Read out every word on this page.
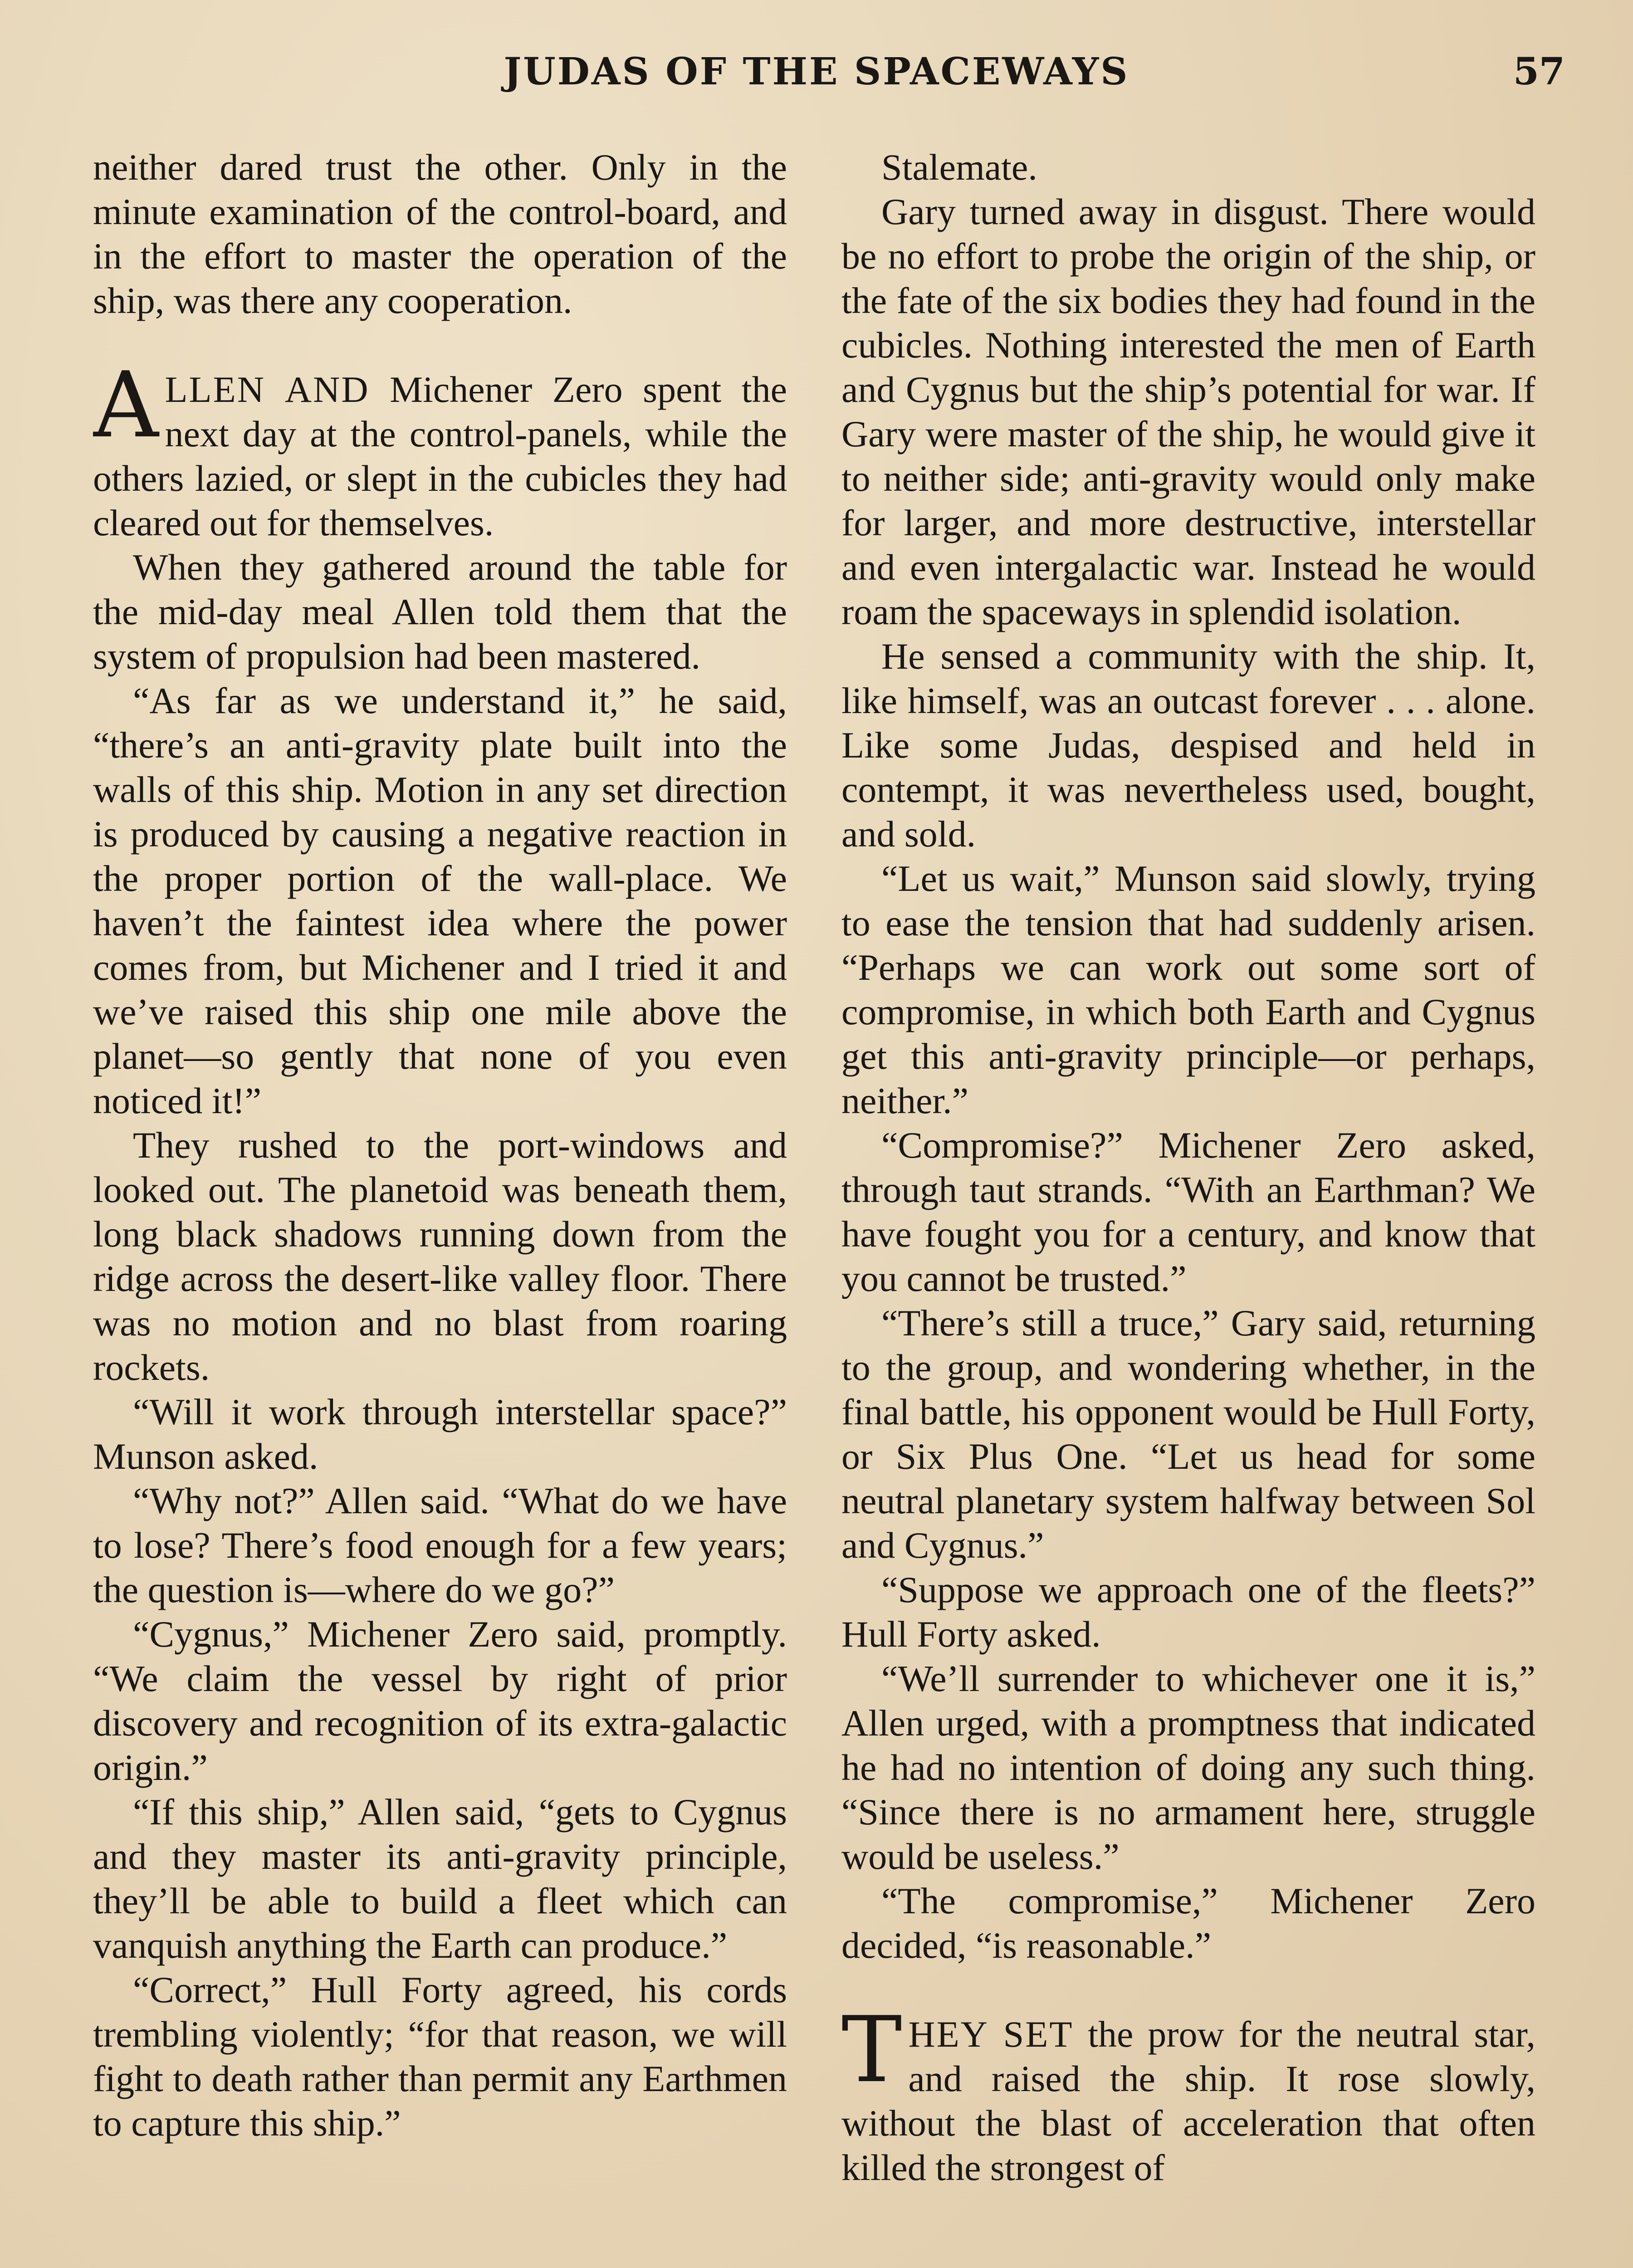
JUDAS OF THE SPACEWAYS	57

neither dared trust the other. Only in the minute examination of the control-board, and in the effort to master the operation of the ship, was there any cooperation.

ALLEN AND Michener Zero spent the next day at the control-panels, while the others lazied, or slept in the cubicles they had cleared out for themselves.

When they gathered around the table for the mid-day meal Allen told them that the system of propulsion had been mastered.

“As far as we understand it,” he said, “there’s an anti-gravity plate built into the walls of this ship. Motion in any set direction is produced by causing a negative reaction in the proper portion of the wall-place. We haven’t the faintest idea where the power comes from, but Michener and I tried it and we’ve raised this ship one mile above the planet—so gently that none of you even noticed it!”

They rushed to the port-windows and looked out. The planetoid was beneath them, long black shadows running down from the ridge across the desert-like valley floor. There was no motion and no blast from roaring rockets.

“Will it work through interstellar space?” Munson asked.

“Why not?” Allen said. “What do we have to lose? There’s food enough for a few years; the question is—where do we go?”

“Cygnus,” Michener Zero said, promptly. “We claim the vessel by right of prior discovery and recognition of its extra-galactic origin.”

“If this ship,” Allen said, “gets to Cygnus and they master its anti-gravity principle, they’ll be able to build a fleet which can vanquish anything the Earth can produce.”

“Correct,” Hull Forty agreed, his cords trembling violently; “for that reason, we will fight to death rather than permit any Earthmen to capture this ship.”

Stalemate.

Gary turned away in disgust. There would be no effort to probe the origin of the ship, or the fate of the six bodies they had found in the cubicles. Nothing interested the men of Earth and Cygnus but the ship’s potential for war. If Gary were master of the ship, he would give it to neither side; anti-gravity would only make for larger, and more destructive, interstellar and even intergalactic war. Instead he would roam the spaceways in splendid isolation.

He sensed a community with the ship. It, like himself, was an outcast forever . . . alone. Like some Judas, despised and held in contempt, it was nevertheless used, bought, and sold.

“Let us wait,” Munson said slowly, trying to ease the tension that had suddenly arisen. “Perhaps we can work out some sort of compromise, in which both Earth and Cygnus get this anti-gravity principle—or perhaps, neither.”

“Compromise?” Michener Zero asked, through taut strands. “With an Earthman? We have fought you for a century, and know that you cannot be trusted.”

“There’s still a truce,” Gary said, returning to the group, and wondering whether, in the final battle, his opponent would be Hull Forty, or Six Plus One. “Let us head for some neutral planetary system halfway between Sol and Cygnus.”

“Suppose we approach one of the fleets?” Hull Forty asked.

“We’ll surrender to whichever one it is,” Allen urged, with a promptness that indicated he had no intention of doing any such thing. “Since there is no armament here, struggle would be useless.”

“The compromise,” Michener Zero decided, “is reasonable.”

THEY SET the prow for the neutral star, and raised the ship. It rose slowly, without the blast of acceleration that often killed the strongest of
